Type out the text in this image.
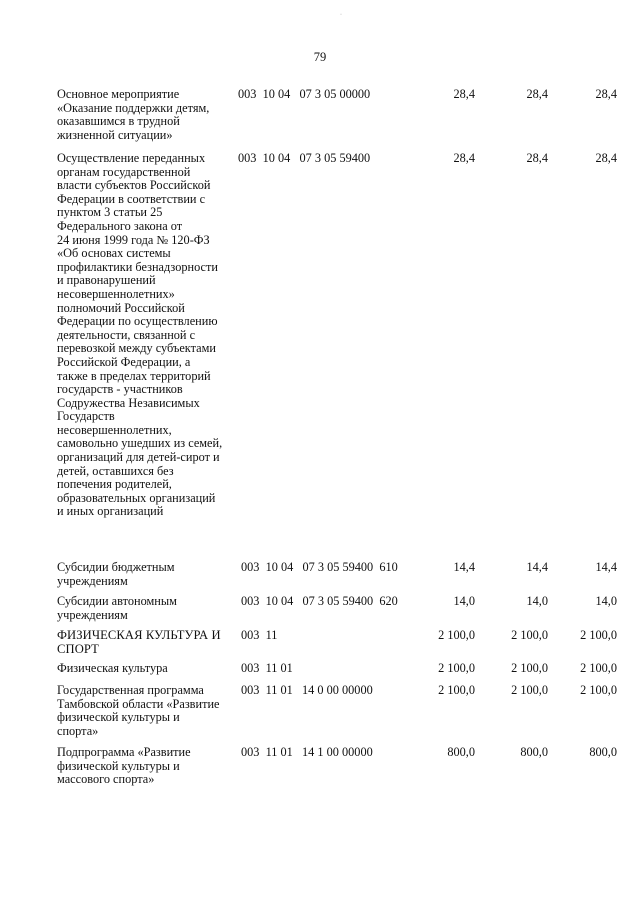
·
79
Основное мероприятие
«Оказание поддержки детям,
оказавшимся в трудной
жизненной ситуации»
003  10 04   07 3 05 00000	28,4	28,4	28,4
Осуществление переданных
органам государственной
власти субъектов Российской
Федерации в соответствии с
пунктом 3 статьи 25
Федерального закона от
24 июня 1999 года № 120-ФЗ
«Об основах системы
профилактики безнадзорности
и правонарушений
несовершеннолетних»
полномочий Российской
Федерации по осуществлению
деятельности, связанной с
перевозкой между субъектами
Российской Федерации, а
также в пределах территорий
государств - участников
Содружества Независимых
Государств
несовершеннолетних,
самовольно ушедших из семей,
организаций для детей-сирот и
детей, оставшихся без
попечения родителей,
образовательных организаций
и иных организаций
003  10 04   07 3 05 59400	28,4	28,4	28,4
Субсидии бюджетным
учреждениям
003  10 04   07 3 05 59400  610	14,4	14,4	14,4
Субсидии автономным
учреждениям
003  10 04   07 3 05 59400  620	14,0	14,0	14,0
ФИЗИЧЕСКАЯ КУЛЬТУРА И
СПОРТ
003  11	2 100,0	2 100,0	2 100,0
Физическая культура	003  11 01	2 100,0	2 100,0	2 100,0
Государственная программа
Тамбовской области «Развитие
физической культуры и
спорта»
003  11 01   14 0 00 00000	2 100,0	2 100,0	2 100,0
Подпрограмма «Развитие
физической культуры и
массового спорта»
003  11 01   14 1 00 00000	800,0	800,0	800,0
